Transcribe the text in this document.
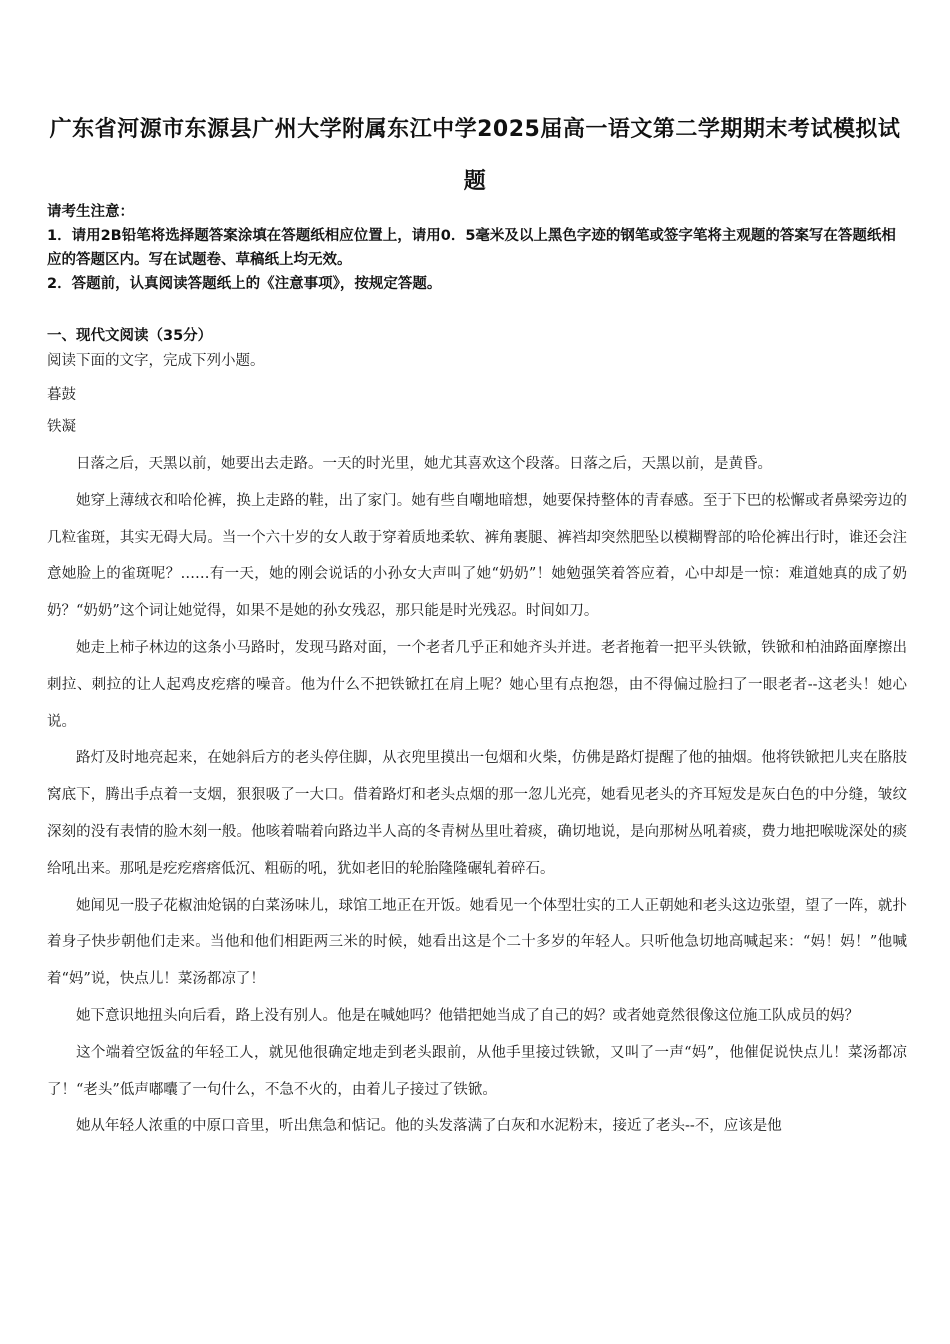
广东省河源市东源县广州大学附属东江中学2025届高一语文第二学期期末考试模拟试题

请考生注意：

1．请用2B铅笔将选择题答案涂填在答题纸相应位置上，请用0．5毫米及以上黑色字迹的钢笔或签字笔将主观题的答案写在答题纸相应的答题区内。写在试题卷、草稿纸上均无效。

2．答题前，认真阅读答题纸上的《注意事项》，按规定答题。

一、现代文阅读（35分）
阅读下面的文字，完成下列小题。
暮鼓
铁凝

日落之后，天黑以前，她要出去走路。一天的时光里，她尤其喜欢这个段落。日落之后，天黑以前，是黄昏。

她穿上薄绒衣和哈伦裤，换上走路的鞋，出了家门。她有些自嘲地暗想，她要保持整体的青春感。至于下巴的松懈或者鼻梁旁边的几粒雀斑，其实无碍大局。当一个六十岁的女人敢于穿着质地柔软、裤角裹腿、裤裆却突然肥坠以模糊臀部的哈伦裤出行时，谁还会注意她脸上的雀斑呢？……有一天，她的刚会说话的小孙女大声叫了她“奶奶”！她勉强笑着答应着，心中却是一惊：难道她真的成了奶奶？“奶奶”这个词让她觉得，如果不是她的孙女残忍，那只能是时光残忍。时间如刀。

她走上柿子林边的这条小马路时，发现马路对面，一个老者几乎正和她齐头并进。老者拖着一把平头铁锨，铁锨和柏油路面摩擦出刺拉、刺拉的让人起鸡皮疙瘩的噪音。他为什么不把铁锨扛在肩上呢？她心里有点抱怨，由不得偏过脸扫了一眼老者--这老头！她心说。

路灯及时地亮起来，在她斜后方的老头停住脚，从衣兜里摸出一包烟和火柴，仿佛是路灯提醒了他的抽烟。他将铁锨把儿夹在胳肢窝底下，腾出手点着一支烟，狠狠吸了一大口。借着路灯和老头点烟的那一忽儿光亮，她看见老头的齐耳短发是灰白色的中分缝，皱纹深刻的没有表情的脸木刻一般。他咳着喘着向路边半人高的冬青树丛里吐着痰，确切地说，是向那树丛吼着痰，费力地把喉咙深处的痰给吼出来。那吼是疙疙瘩瘩低沉、粗砺的吼，犹如老旧的轮胎隆隆碾轧着碎石。

她闻见一股子花椒油炝锅的白菜汤味儿，球馆工地正在开饭。她看见一个体型壮实的工人正朝她和老头这边张望，望了一阵，就扑着身子快步朝他们走来。当他和他们相距两三米的时候，她看出这是个二十多岁的年轻人。只听他急切地高喊起来：“妈！妈！”他喊着“妈”说，快点儿！菜汤都凉了！

她下意识地扭头向后看，路上没有别人。他是在喊她吗？他错把她当成了自己的妈？或者她竟然很像这位施工队成员的妈？

这个端着空饭盆的年轻工人，就见他很确定地走到老头跟前，从他手里接过铁锨，又叫了一声“妈”，他催促说快点儿！菜汤都凉了！“老头”低声嘟囔了一句什么，不急不火的，由着儿子接过了铁锨。

她从年轻人浓重的中原口音里，听出焦急和惦记。他的头发落满了白灰和水泥粉末，接近了老头--不，应该是他
